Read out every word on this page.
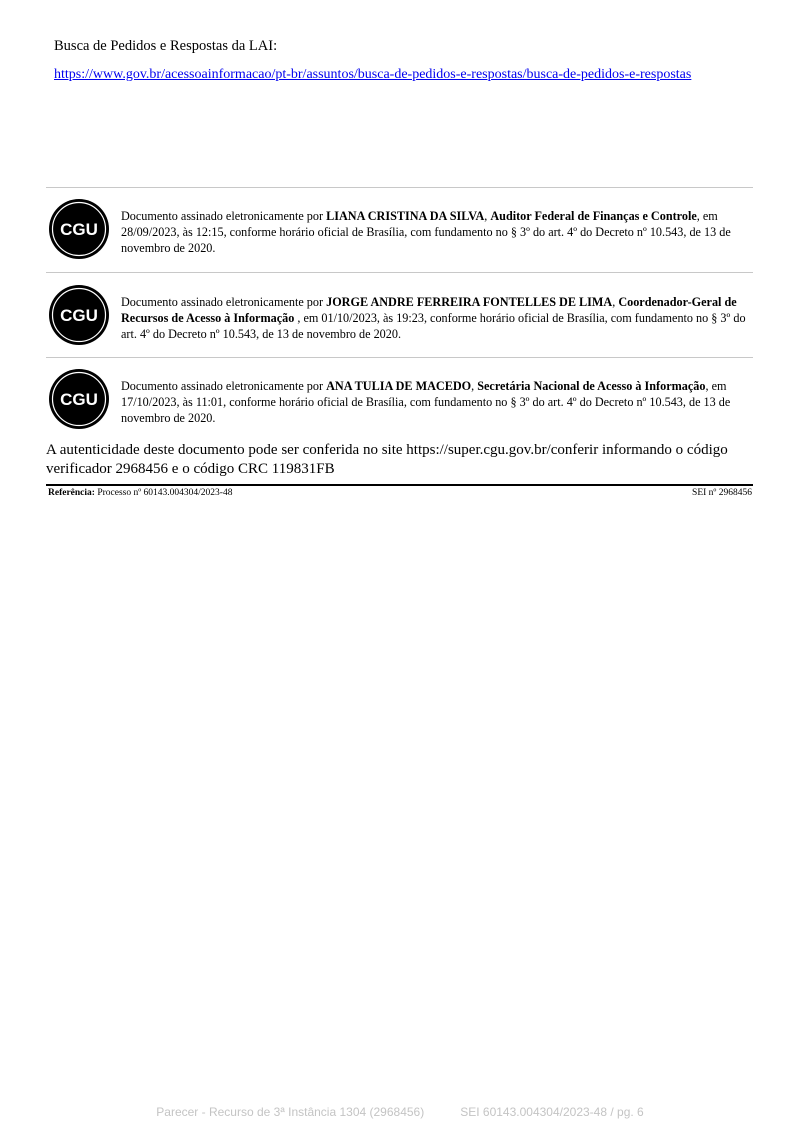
Busca de Pedidos e Respostas da LAI:
https://www.gov.br/acessoainformacao/pt-br/assuntos/busca-de-pedidos-e-respostas/busca-de-pedidos-e-respostas
CGU
Documento assinado eletronicamente por LIANA CRISTINA DA SILVA, Auditor Federal de Finanças e Controle, em 28/09/2023, às 12:15, conforme horário oficial de Brasília, com fundamento no § 3º do art. 4º do Decreto nº 10.543, de 13 de novembro de 2020.
CGU
Documento assinado eletronicamente por JORGE ANDRE FERREIRA FONTELLES DE LIMA, Coordenador-Geral de Recursos de Acesso à Informação , em 01/10/2023, às 19:23, conforme horário oficial de Brasília, com fundamento no § 3º do art. 4º do Decreto nº 10.543, de 13 de novembro de 2020.
CGU
Documento assinado eletronicamente por ANA TULIA DE MACEDO, Secretária Nacional de Acesso à Informação, em 17/10/2023, às 11:01, conforme horário oficial de Brasília, com fundamento no § 3º do art. 4º do Decreto nº 10.543, de 13 de novembro de 2020.
A autenticidade deste documento pode ser conferida no site https://super.cgu.gov.br/conferir informando o código verificador 2968456 e o código CRC 119831FB
Referência: Processo nº 60143.004304/2023-48	SEI nº 2968456
Parecer - Recurso de 3ª Instância 1304 (2968456)	SEI 60143.004304/2023-48 / pg. 6
